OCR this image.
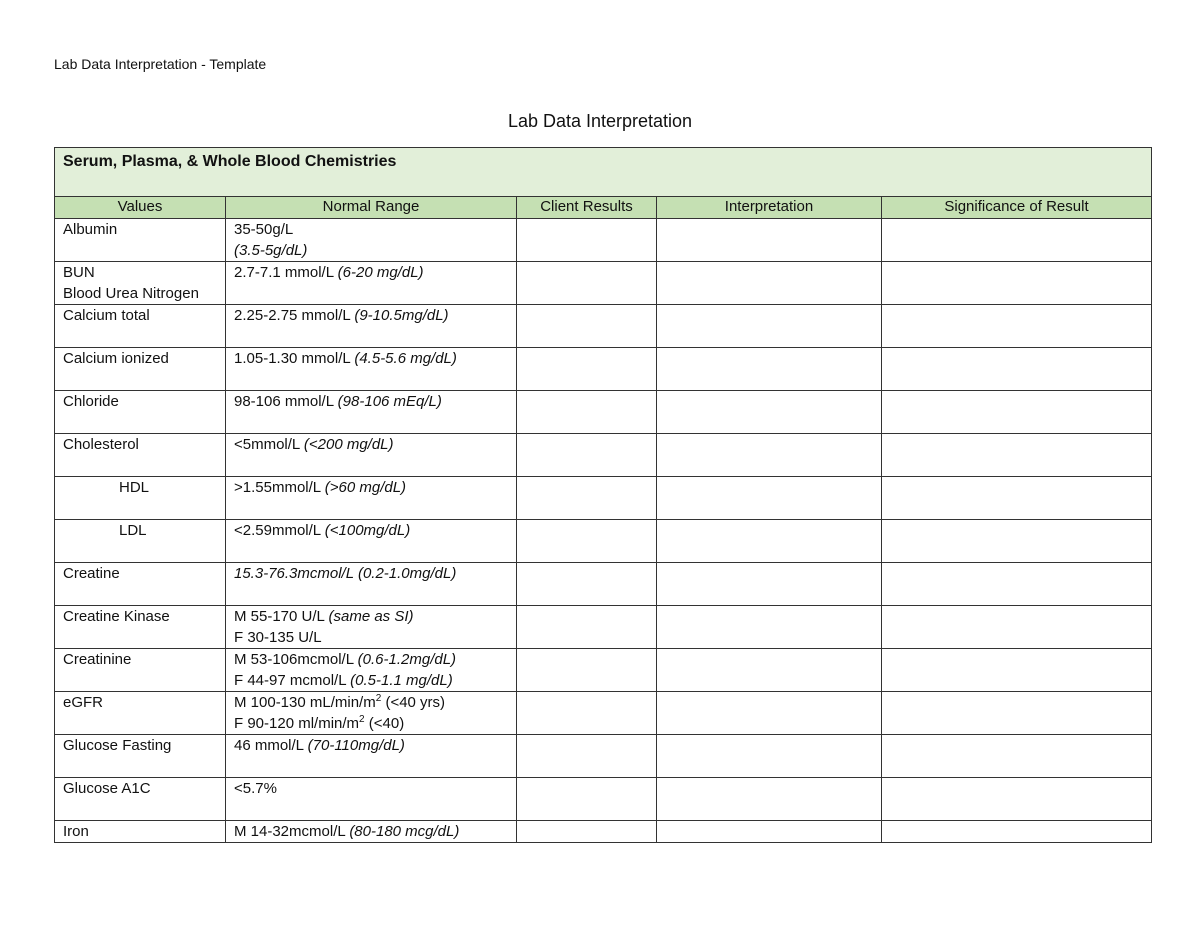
Lab Data Interpretation - Template
Lab Data Interpretation
Serum, Plasma, & Whole Blood Chemistries				
Values	Normal Range	Client Results	Interpretation	Significance of Result

Albumin	35-50g/L
(3.5-5g/dL)			

BUN
Blood Urea Nitrogen	2.7-7.1 mmol/L (6-20 mg/dL)			

Calcium total	2.25-2.75 mmol/L (9-10.5mg/dL)			

Calcium ionized	1.05-1.30 mmol/L (4.5-5.6 mg/dL)			

Chloride	98-106 mmol/L (98-106 mEq/L)			

Cholesterol	<5mmol/L (<200 mg/dL)			

HDL	>1.55mmol/L (>60 mg/dL)			

LDL	<2.59mmol/L (<100mg/dL)			

Creatine	15.3-76.3mcmol/L (0.2-1.0mg/dL)			

Creatine Kinase	M 55-170 U/L (same as SI)
F 30-135 U/L			

Creatinine	M 53-106mcmol/L (0.6-1.2mg/dL)
F 44-97 mcmol/L (0.5-1.1 mg/dL)			

eGFR	M 100-130 $mL/\min/m^2$ (<40 yrs)
F 90-120 $ml/\min/m^2$ (<40)			

Glucose Fasting	46 mmol/L (70-110mg/dL)			

Glucose A1C	<5.7%			

Iron	M 14-32mcmol/L (80-180 mcg/dL)			
